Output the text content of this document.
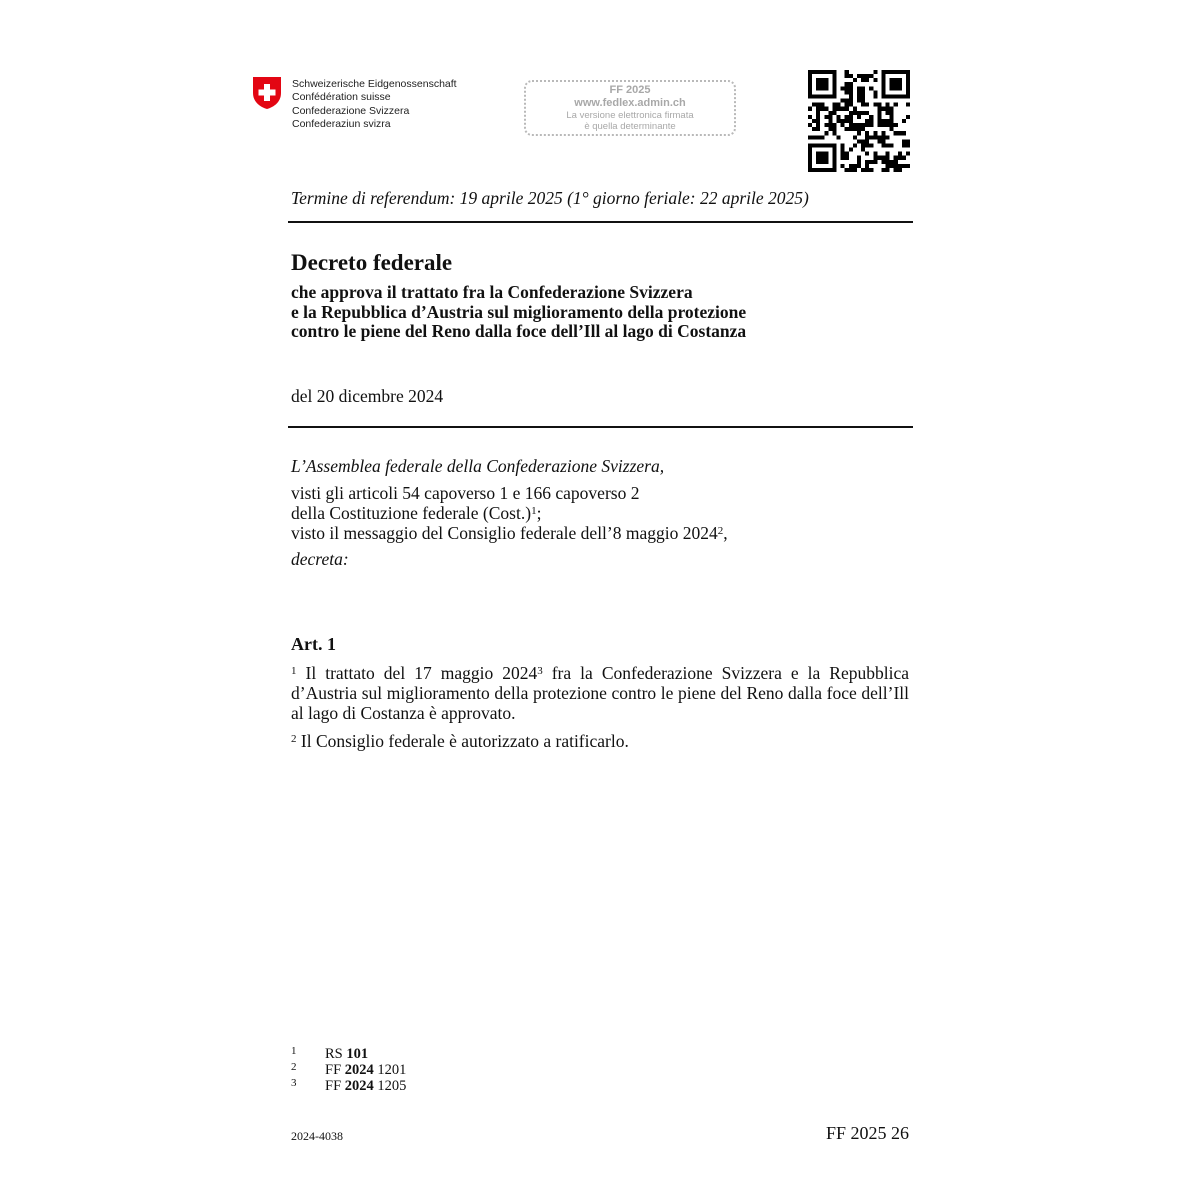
Schweizerische Eidgenossenschaft
Confédération suisse
Confederazione Svizzera
Confederaziun svizra
FF 2025
www.fedlex.admin.ch
La versione elettronica firmata
è quella determinante
Termine di referendum: 19 aprile 2025 (1° giorno feriale: 22 aprile 2025)
Decreto federale
che approva il trattato fra la Confederazione Svizzera
e la Repubblica d’Austria sul miglioramento della protezione
contro le piene del Reno dalla foce dell’Ill al lago di Costanza
del 20 dicembre 2024
L’Assemblea federale della Confederazione Svizzera,
visti gli articoli 54 capoverso 1 e 166 capoverso 2
della Costituzione federale (Cost.)$^1$;
visto il messaggio del Consiglio federale dell’8 maggio 2024$^2$,
decreta:
Art. 1
$^1$ Il trattato del 17 maggio 2024$^3$ fra la Confederazione Svizzera e la Repubblica d’Austria sul miglioramento della protezione contro le piene del Reno dalla foce dell’Ill al lago di Costanza è approvato.
$^2$ Il Consiglio federale è autorizzato a ratificarlo.
1	RS 101
2	FF 2024 1201
3	FF 2024 1205
2024-4038	FF 2025 26
